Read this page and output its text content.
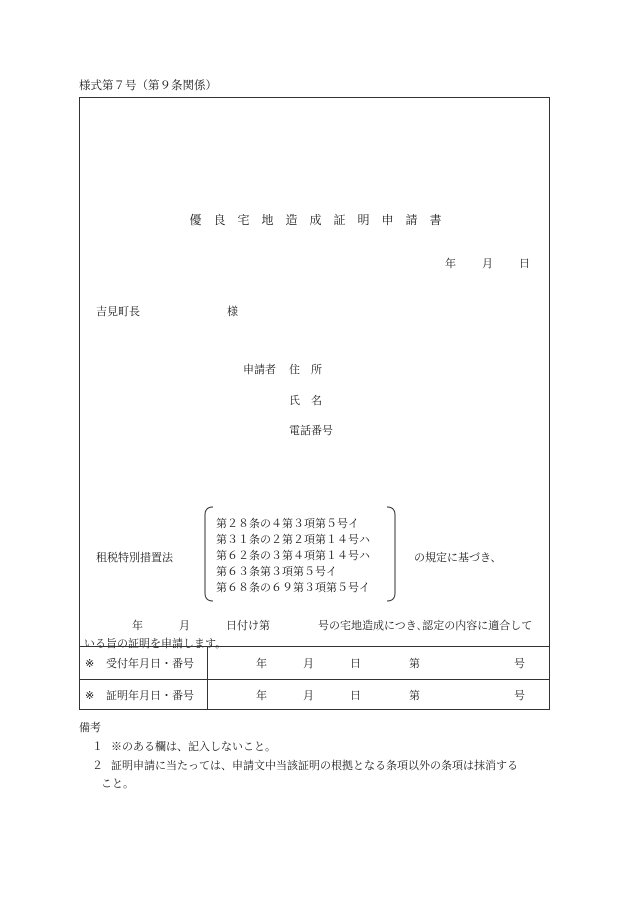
様式第７号（第９条関係）
優　良　宅　地　造　成　証　明　申　請　書
年 月 日
吉見町長	様
申請者 住　所
氏　名
電話番号
租税特別措置法
第２８条の４第３項第５号イ
第３１条の２第２項第１４号ハ
第６２条の３第４項第１４号ハ
第６３条第３項第５号イ
第６８条の６９第３項第５号イ
の規定に基づき、
年	月	日付け第	号の宅地造成につき､認定の内容に適合して
いる旨の証明を申請します。
※ 受付年月日・番号	年	月	日	第	号
※ 証明年月日・番号	年	月	日	第	号
備考
１ ※のある欄は、記入しないこと。
２ 証明申請に当たっては、申請文中当該証明の根拠となる条項以外の条項は抹消する
こと。
